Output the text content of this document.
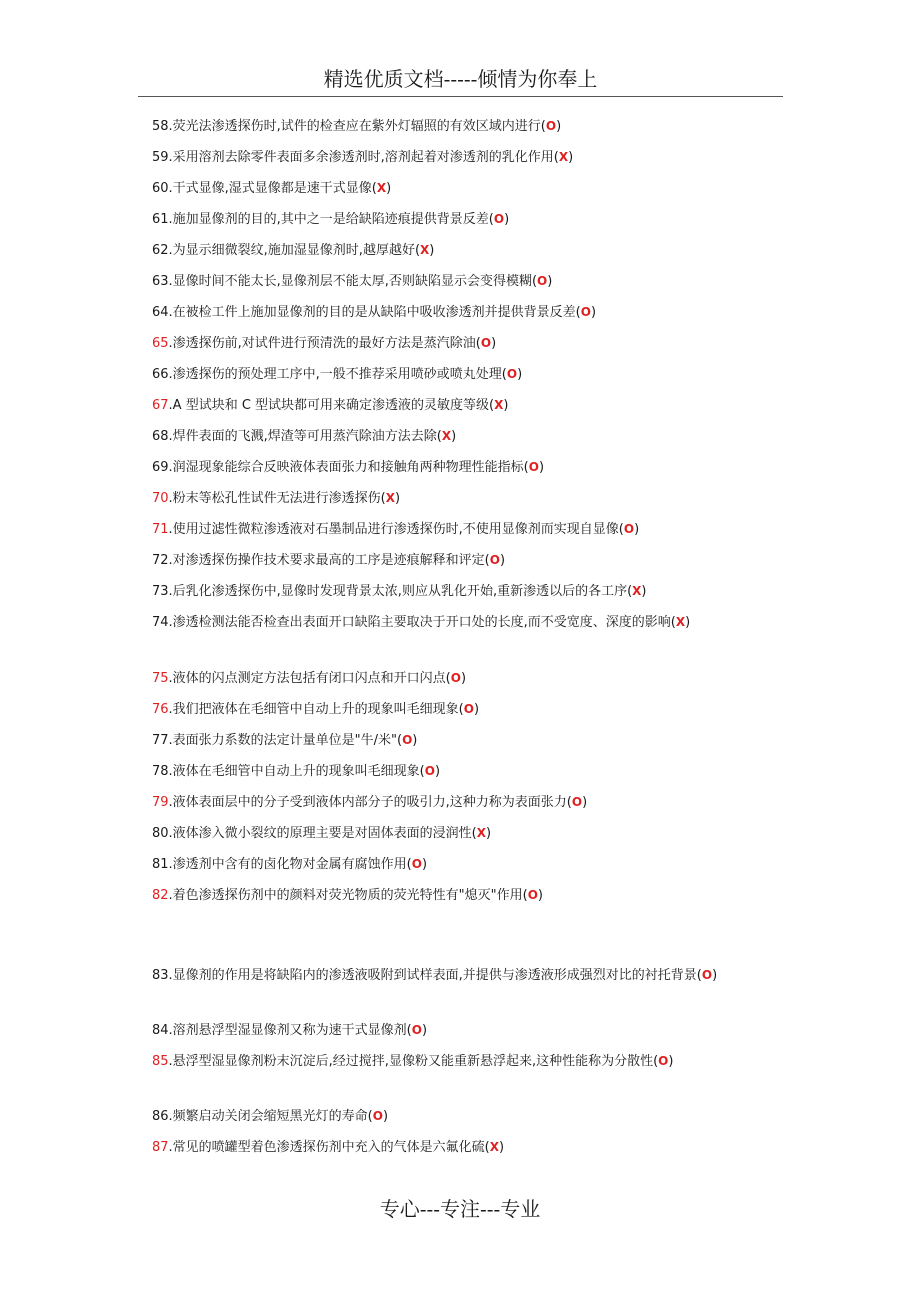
精选优质文档-----倾情为你奉上
58.荧光法渗透探伤时,试件的检查应在紫外灯辐照的有效区域内进行(O)
59.采用溶剂去除零件表面多余渗透剂时,溶剂起着对渗透剂的乳化作用(X)
60.干式显像,湿式显像都是速干式显像(X)
61.施加显像剂的目的,其中之一是给缺陷迹痕提供背景反差(O)
62.为显示细微裂纹,施加湿显像剂时,越厚越好(X)
63.显像时间不能太长,显像剂层不能太厚,否则缺陷显示会变得模糊(O)
64.在被检工件上施加显像剂的目的是从缺陷中吸收渗透剂并提供背景反差(O)
65.渗透探伤前,对试件进行预清洗的最好方法是蒸汽除油(O)
66.渗透探伤的预处理工序中,一般不推荐采用喷砂或喷丸处理(O)
67.A 型试块和 C 型试块都可用来确定渗透液的灵敏度等级(X)
68.焊件表面的飞溅,焊渣等可用蒸汽除油方法去除(X)
69.润湿现象能综合反映液体表面张力和接触角两种物理性能指标(O)
70.粉末等松孔性试件无法进行渗透探伤(X)
71.使用过滤性微粒渗透液对石墨制品进行渗透探伤时,不使用显像剂而实现自显像(O)
72.对渗透探伤操作技术要求最高的工序是迹痕解释和评定(O)
73.后乳化渗透探伤中,显像时发现背景太浓,则应从乳化开始,重新渗透以后的各工序(X)
74.渗透检测法能否检查出表面开口缺陷主要取决于开口处的长度,而不受宽度、深度的影响(X)
75.液体的闪点测定方法包括有闭口闪点和开口闪点(O)
76.我们把液体在毛细管中自动上升的现象叫毛细现象(O)
77.表面张力系数的法定计量单位是"牛/米"(O)
78.液体在毛细管中自动上升的现象叫毛细现象(O)
79.液体表面层中的分子受到液体内部分子的吸引力,这种力称为表面张力(O)
80.液体渗入微小裂纹的原理主要是对固体表面的浸润性(X)
81.渗透剂中含有的卤化物对金属有腐蚀作用(O)
82.着色渗透探伤剂中的颜料对荧光物质的荧光特性有"熄灭"作用(O)
83.显像剂的作用是将缺陷内的渗透液吸附到试样表面,并提供与渗透液形成强烈对比的衬托背景(O)
84.溶剂悬浮型湿显像剂又称为速干式显像剂(O)
85.悬浮型湿显像剂粉末沉淀后,经过搅拌,显像粉又能重新悬浮起来,这种性能称为分散性(O)
86.频繁启动关闭会缩短黑光灯的寿命(O)
87.常见的喷罐型着色渗透探伤剂中充入的气体是六氟化硫(X)
专心---专注---专业
